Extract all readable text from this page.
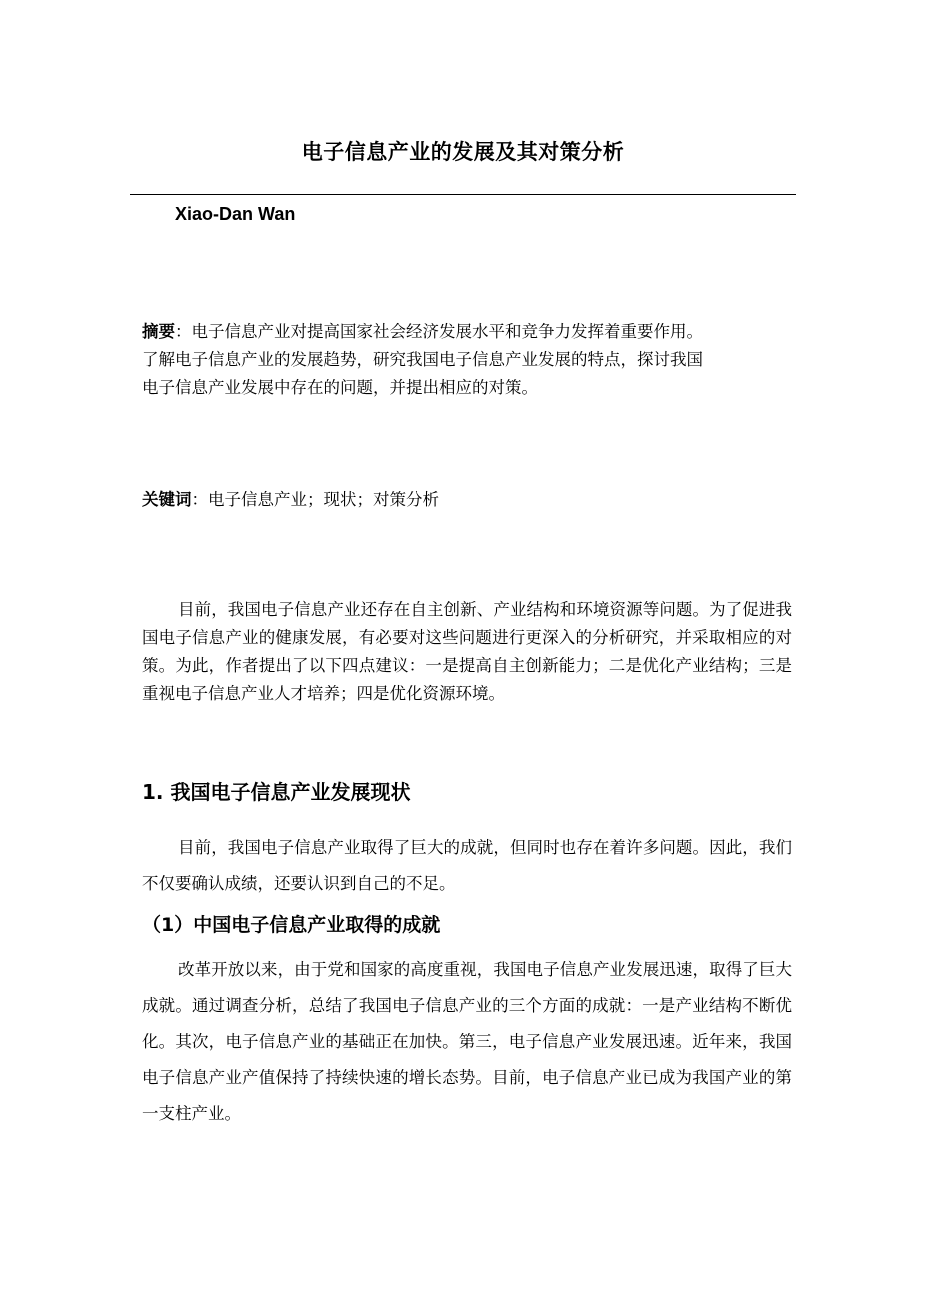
电子信息产业的发展及其对策分析
Xiao-Dan Wan
摘要：电子信息产业对提高国家社会经济发展水平和竞争力发挥着重要作用。
了解电子信息产业的发展趋势，研究我国电子信息产业发展的特点，探讨我国
电子信息产业发展中存在的问题，并提出相应的对策。
关键词：电子信息产业；现状；对策分析
目前，我国电子信息产业还存在自主创新、产业结构和环境资源等问题。为了促进我国电子信息产业的健康发展，有必要对这些问题进行更深入的分析研究，并采取相应的对策。为此，作者提出了以下四点建议：一是提高自主创新能力；二是优化产业结构；三是重视电子信息产业人才培养；四是优化资源环境。
1. 我国电子信息产业发展现状
目前，我国电子信息产业取得了巨大的成就，但同时也存在着许多问题。因此，我们不仅要确认成绩，还要认识到自己的不足。
（1）中国电子信息产业取得的成就
改革开放以来，由于党和国家的高度重视，我国电子信息产业发展迅速，取得了巨大成就。通过调查分析，总结了我国电子信息产业的三个方面的成就：一是产业结构不断优化。其次，电子信息产业的基础正在加快。第三，电子信息产业发展迅速。近年来，我国电子信息产业产值保持了持续快速的增长态势。目前，电子信息产业已成为我国产业的第一支柱产业。
